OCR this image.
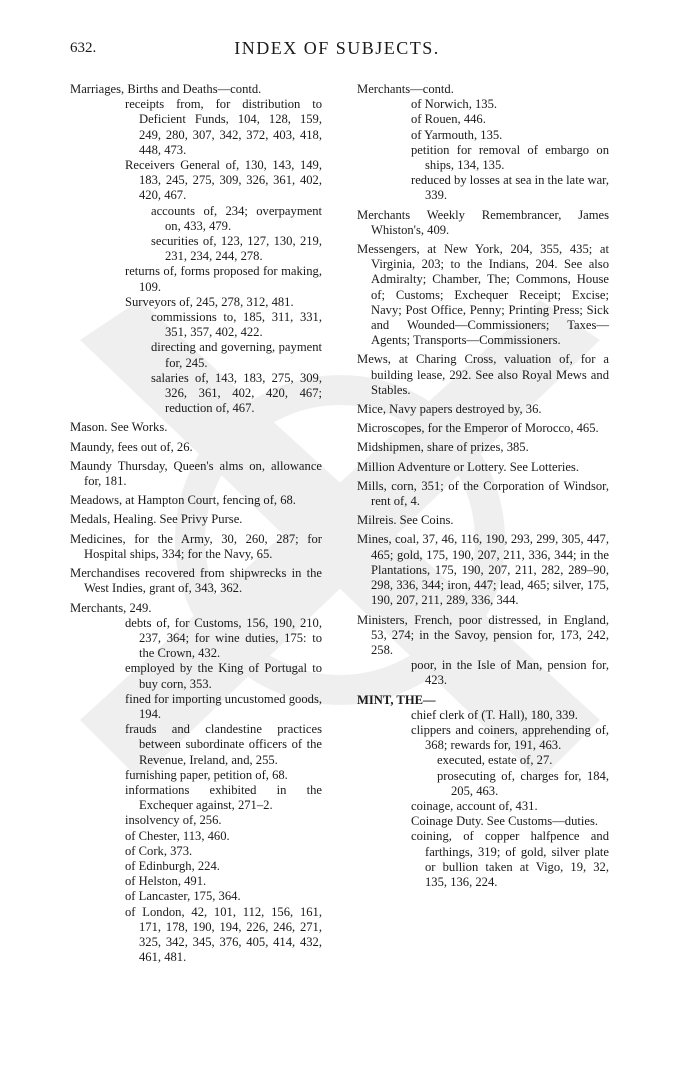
632.	INDEX OF SUBJECTS.

Marriages, Births and Deaths—contd.

receipts from, for distribution to Deficient Funds, 104, 128, 159, 249, 280, 307, 342, 372, 403, 418, 448, 473.

Receivers General of, 130, 143, 149, 183, 245, 275, 309, 326, 361, 402, 420, 467.

accounts of, 234; overpayment on, 433, 479.

securities of, 123, 127, 130, 219, 231, 234, 244, 278.

returns of, forms proposed for making, 109.

Surveyors of, 245, 278, 312, 481.

commissions to, 185, 311, 331, 351, 357, 402, 422.

directing and governing, payment for, 245.

salaries of, 143, 183, 275, 309, 326, 361, 402, 420, 467; reduction of, 467.

Mason. See Works.

Maundy, fees out of, 26.

Maundy Thursday, Queen's alms on, allowance for, 181.

Meadows, at Hampton Court, fencing of, 68.

Medals, Healing. See Privy Purse.

Medicines, for the Army, 30, 260, 287; for Hospital ships, 334; for the Navy, 65.

Merchandises recovered from shipwrecks in the West Indies, grant of, 343, 362.

Merchants, 249.

debts of, for Customs, 156, 190, 210, 237, 364; for wine duties, 175: to the Crown, 432.

employed by the King of Portugal to buy corn, 353.

fined for importing uncustomed goods, 194.

frauds and clandestine practices between subordinate officers of the Revenue, Ireland, and, 255.

furnishing paper, petition of, 68.

informations exhibited in the Exchequer against, 271–2.

insolvency of, 256.

of Chester, 113, 460.

of Cork, 373.

of Edinburgh, 224.

of Helston, 491.

of Lancaster, 175, 364.

of London, 42, 101, 112, 156, 161, 171, 178, 190, 194, 226, 246, 271, 325, 342, 345, 376, 405, 414, 432, 461, 481.

Merchants—contd.

of Norwich, 135.

of Rouen, 446.

of Yarmouth, 135.

petition for removal of embargo on ships, 134, 135.

reduced by losses at sea in the late war, 339.

Merchants Weekly Remembrancer, James Whiston's, 409.

Messengers, at New York, 204, 355, 435; at Virginia, 203; to the Indians, 204. See also Admiralty; Chamber, The; Commons, House of; Customs; Exchequer Receipt; Excise; Navy; Post Office, Penny; Printing Press; Sick and Wounded—Commissioners; Taxes—Agents; Transports—Commissioners.

Mews, at Charing Cross, valuation of, for a building lease, 292. See also Royal Mews and Stables.

Mice, Navy papers destroyed by, 36.

Microscopes, for the Emperor of Morocco, 465.

Midshipmen, share of prizes, 385.

Million Adventure or Lottery. See Lotteries.

Mills, corn, 351; of the Corporation of Windsor, rent of, 4.

Milreis. See Coins.

Mines, coal, 37, 46, 116, 190, 293, 299, 305, 447, 465; gold, 175, 190, 207, 211, 336, 344; in the Plantations, 175, 190, 207, 211, 282, 289–90, 298, 336, 344; iron, 447; lead, 465; silver, 175, 190, 207, 211, 289, 336, 344.

Ministers, French, poor distressed, in England, 53, 274; in the Savoy, pension for, 173, 242, 258.

poor, in the Isle of Man, pension for, 423.

MINT, THE—

chief clerk of (T. Hall), 180, 339.

clippers and coiners, apprehending of, 368; rewards for, 191, 463.

executed, estate of, 27.

prosecuting of, charges for, 184, 205, 463.

coinage, account of, 431.

Coinage Duty. See Customs—duties.

coining, of copper halfpence and farthings, 319; of gold, silver plate or bullion taken at Vigo, 19, 32, 135, 136, 224.
